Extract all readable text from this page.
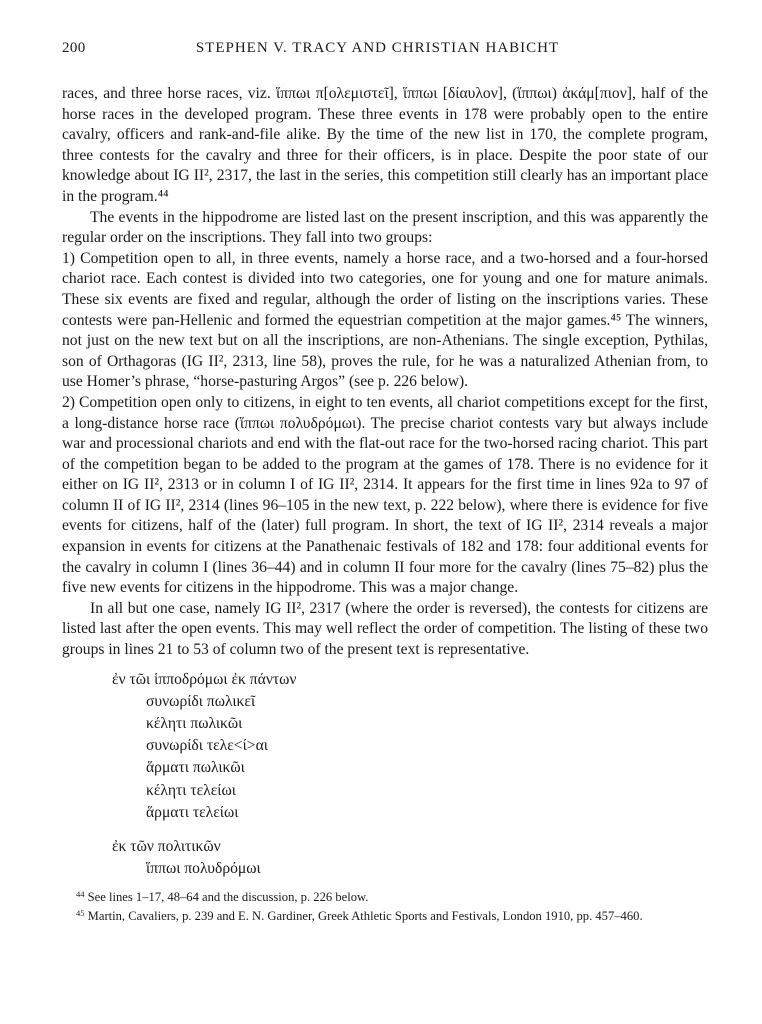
200	STEPHEN V. TRACY AND CHRISTIAN HABICHT

races, and three horse races, viz. ἵππωι π[ολεμιστεῖ], ἵππωι [δίαυλον], (ἵππωι) ἀκάμ[πιον], half of the horse races in the developed program. These three events in 178 were probably open to the entire cavalry, officers and rank-and-file alike. By the time of the new list in 170, the complete program, three contests for the cavalry and three for their officers, is in place. Despite the poor state of our knowledge about IG II², 2317, the last in the series, this competition still clearly has an important place in the program.⁴⁴

The events in the hippodrome are listed last on the present inscription, and this was apparently the regular order on the inscriptions. They fall into two groups:

1) Competition open to all, in three events, namely a horse race, and a two-horsed and a four-horsed chariot race. Each contest is divided into two categories, one for young and one for mature animals. These six events are fixed and regular, although the order of listing on the inscriptions varies. These contests were pan-Hellenic and formed the equestrian competition at the major games.⁴⁵ The winners, not just on the new text but on all the inscriptions, are non-Athenians. The single exception, Pythilas, son of Orthagoras (IG II², 2313, line 58), proves the rule, for he was a naturalized Athenian from, to use Homer’s phrase, “horse-pasturing Argos” (see p. 226 below).

2) Competition open only to citizens, in eight to ten events, all chariot competitions except for the first, a long-distance horse race (ἵππωι πολυδρόμωι). The precise chariot contests vary but always include war and processional chariots and end with the flat-out race for the two-horsed racing chariot. This part of the competition began to be added to the program at the games of 178. There is no evidence for it either on IG II², 2313 or in column I of IG II², 2314. It appears for the first time in lines 92a to 97 of column II of IG II², 2314 (lines 96–105 in the new text, p. 222 below), where there is evidence for five events for citizens, half of the (later) full program. In short, the text of IG II², 2314 reveals a major expansion in events for citizens at the Panathenaic festivals of 182 and 178: four additional events for the cavalry in column I (lines 36–44) and in column II four more for the cavalry (lines 75–82) plus the five new events for citizens in the hippodrome. This was a major change.

In all but one case, namely IG II², 2317 (where the order is reversed), the contests for citizens are listed last after the open events. This may well reflect the order of competition. The listing of these two groups in lines 21 to 53 of column two of the present text is representative.

ἐν τῶι ἱπποδρόμωι ἐκ πάντων
συνωρίδι πωλικεῖ
κέλητι πωλικῶι
συνωρίδι τελε<ί>αι
ἅρματι πωλικῶι
κέλητι τελείωι
ἅρματι τελείωι
ἐκ τῶν πολιτικῶν
ἵππωι πολυδρόμωι
$^{44}$ See lines 1–17, 48–64 and the discussion, p. 226 below.
$^{45}$ Martin, Cavaliers, p. 239 and E. N. Gardiner, Greek Athletic Sports and Festivals, London 1910, pp. 457–460.
